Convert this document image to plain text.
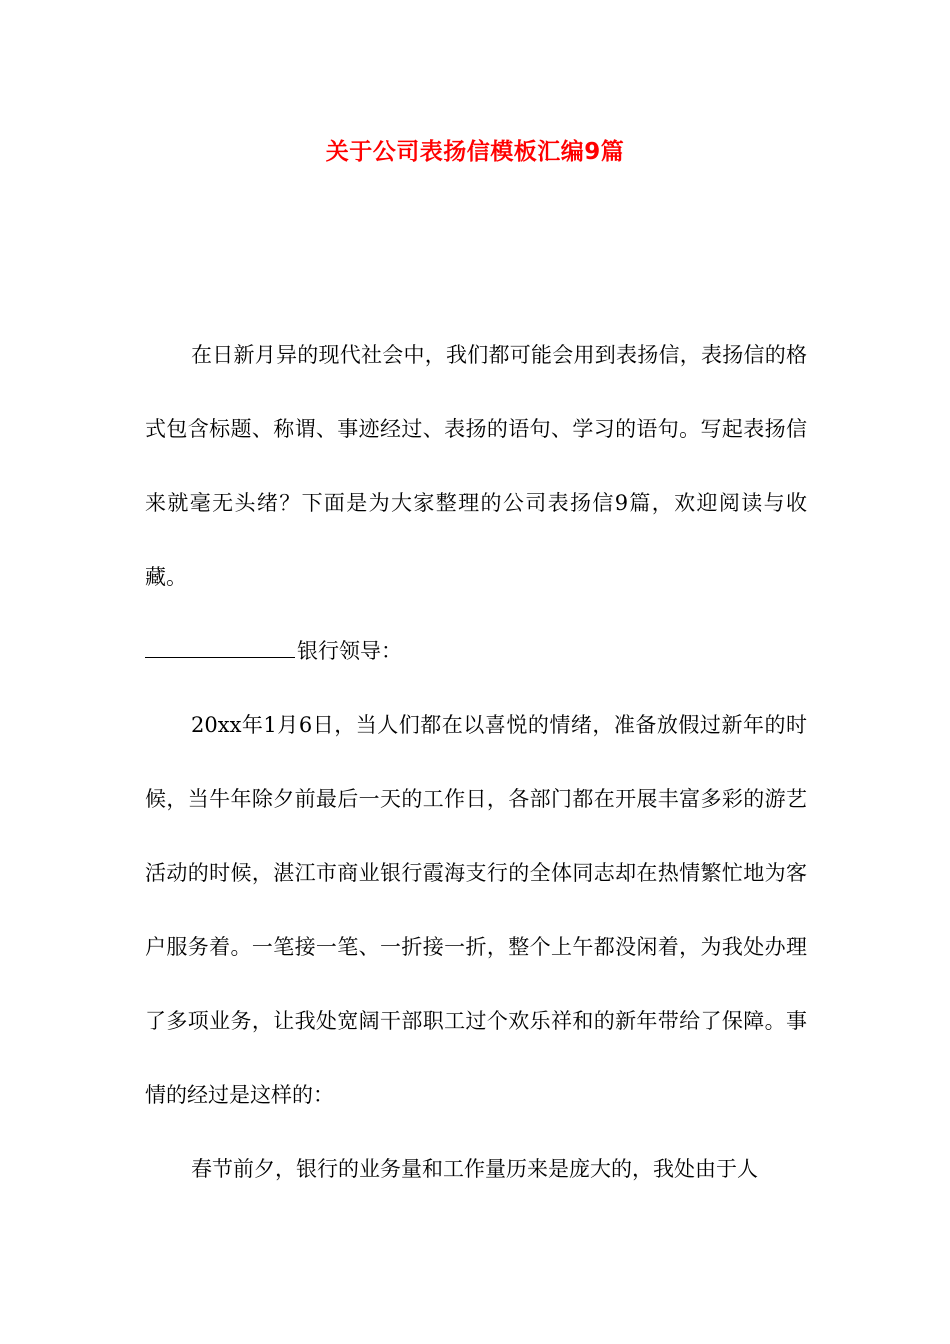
关于公司表扬信模板汇编9篇

在日新月异的现代社会中，我们都可能会用到表扬信，表扬信的格式包含标题、称谓、事迹经过、表扬的语句、学习的语句。写起表扬信来就毫无头绪？下面是为大家整理的公司表扬信9篇，欢迎阅读与收藏。

银行领导：

20xx年1月6日，当人们都在以喜悦的情绪，准备放假过新年的时候，当牛年除夕前最后一天的工作日，各部门都在开展丰富多彩的游艺活动的时候，湛江市商业银行霞海支行的全体同志却在热情繁忙地为客户服务着。一笔接一笔、一折接一折，整个上午都没闲着，为我处办理了多项业务，让我处宽阔干部职工过个欢乐祥和的新年带给了保障。事情的经过是这样的：

春节前夕，银行的业务量和工作量历来是庞大的，我处由于人
